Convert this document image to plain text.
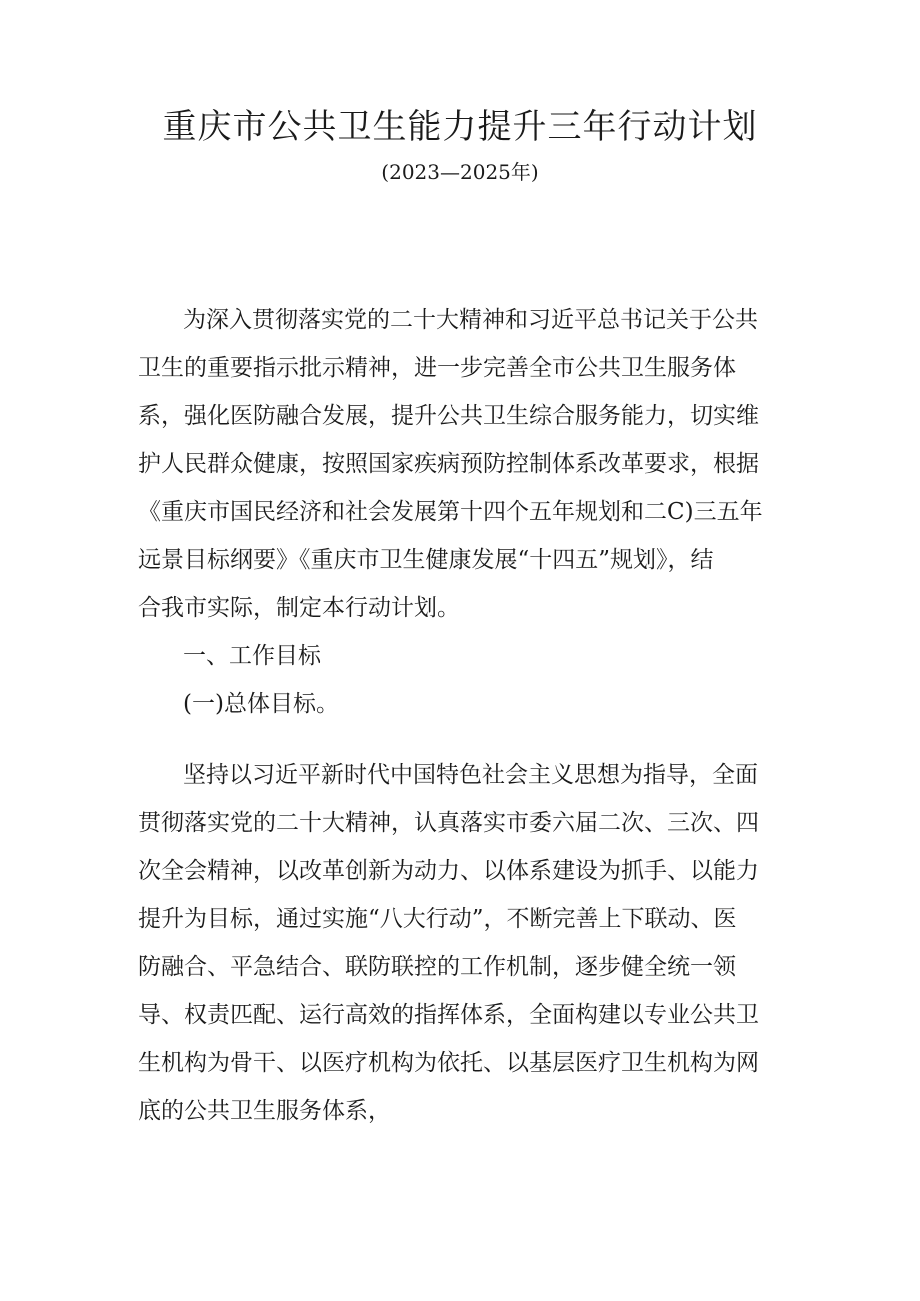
重庆市公共卫生能力提升三年行动计划
(2023—2025年)
为深入贯彻落实党的二十大精神和习近平总书记关于公共
卫生的重要指示批示精神，进一步完善全市公共卫生服务体
系，强化医防融合发展，提升公共卫生综合服务能力，切实维
护人民群众健康，按照国家疾病预防控制体系改革要求，根据
《重庆市国民经济和社会发展第十四个五年规划和二C)三五年
远景目标纲要》《重庆市卫生健康发展“十四五”规划》，结
合我市实际，制定本行动计划。
一、工作目标
(一)总体目标。
坚持以习近平新时代中国特色社会主义思想为指导，全面
贯彻落实党的二十大精神，认真落实市委六届二次、三次、四
次全会精神，以改革创新为动力、以体系建设为抓手、以能力
提升为目标，通过实施“八大行动”，不断完善上下联动、医
防融合、平急结合、联防联控的工作机制，逐步健全统一领
导、权责匹配、运行高效的指挥体系，全面构建以专业公共卫
生机构为骨干、以医疗机构为依托、以基层医疗卫生机构为网
底的公共卫生服务体系，
